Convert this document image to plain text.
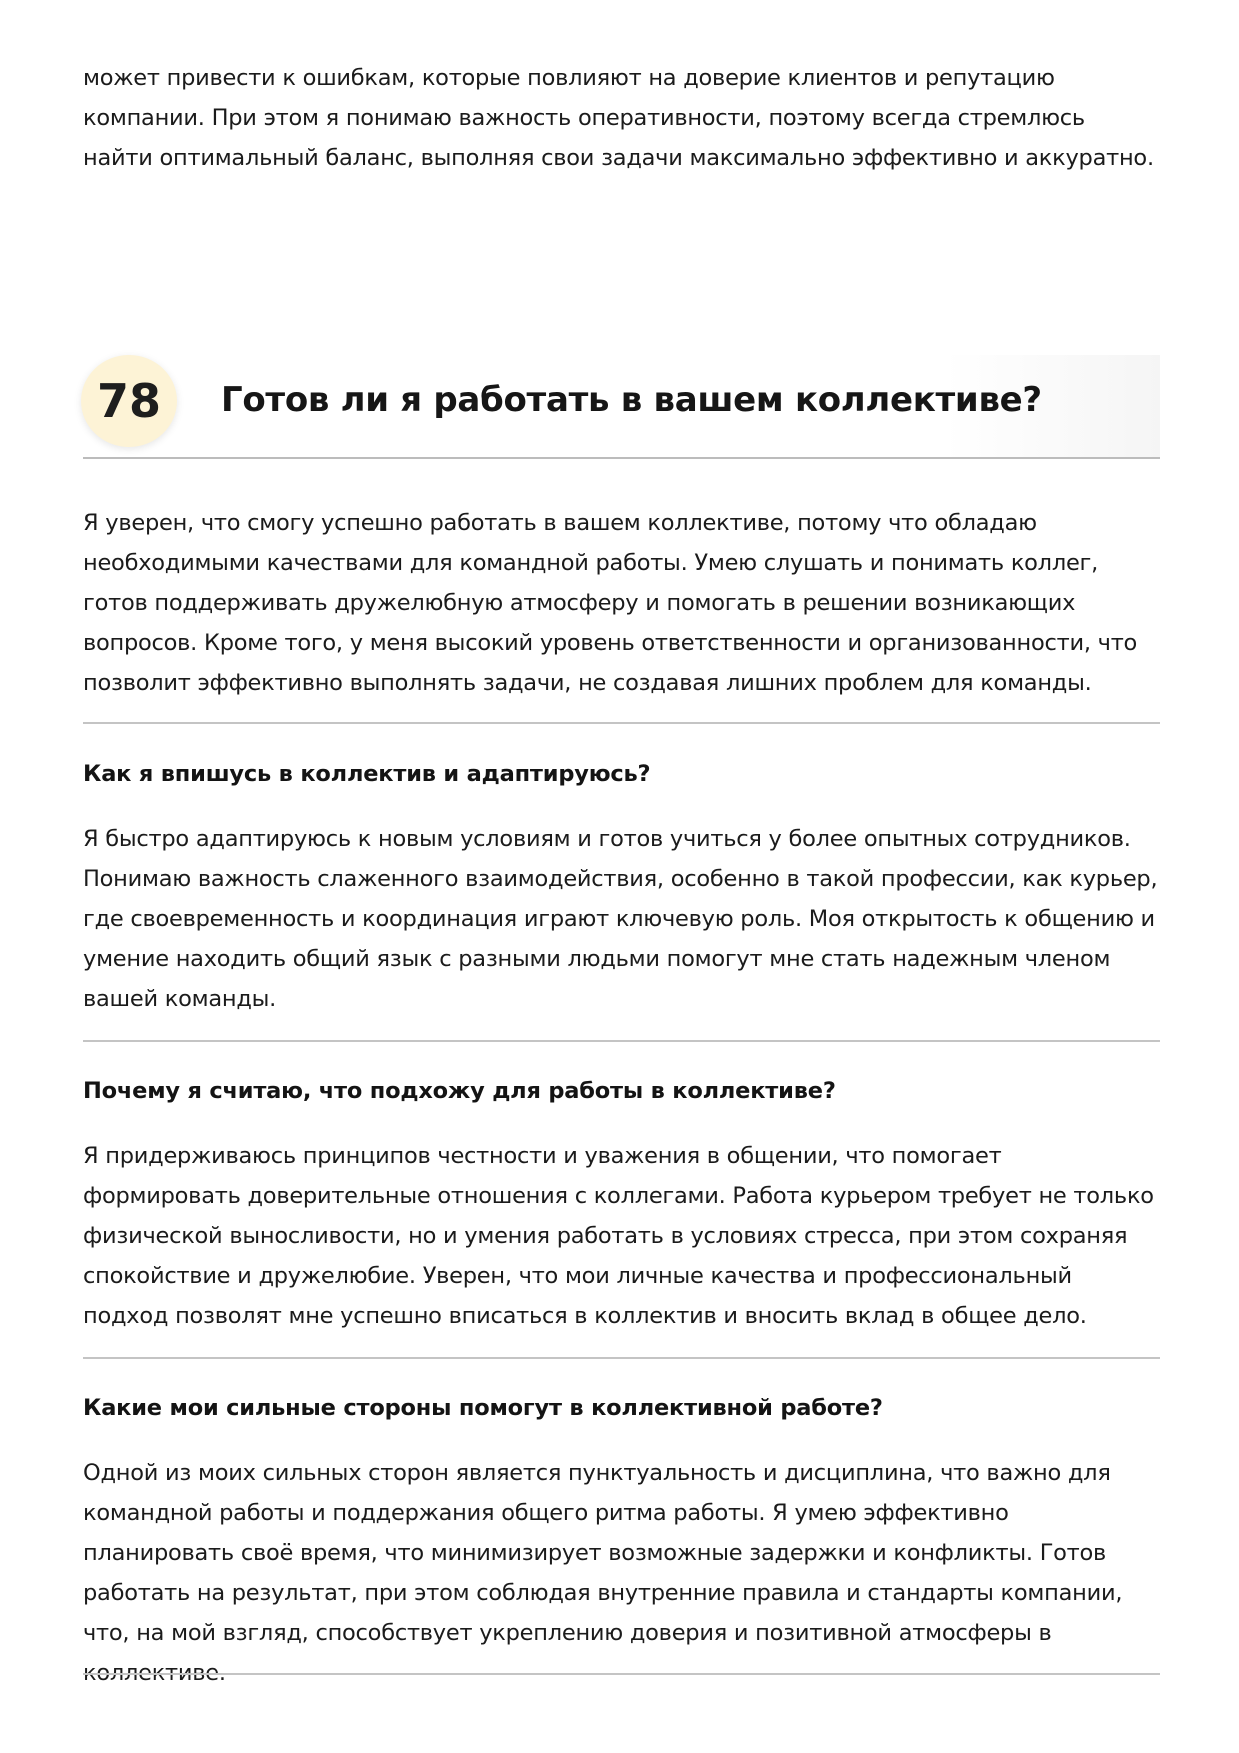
может привести к ошибкам, которые повлияют на доверие клиентов и репутацию компании. При этом я понимаю важность оперативности, поэтому всегда стремлюсь найти оптимальный баланс, выполняя свои задачи максимально эффективно и аккуратно.

78	Готов ли я работать в вашем коллективе?

Я уверен, что смогу успешно работать в вашем коллективе, потому что обладаю необходимыми качествами для командной работы. Умею слушать и понимать коллег, готов поддерживать дружелюбную атмосферу и помогать в решении возникающих вопросов. Кроме того, у меня высокий уровень ответственности и организованности, что позволит эффективно выполнять задачи, не создавая лишних проблем для команды.

Как я впишусь в коллектив и адаптируюсь?

Я быстро адаптируюсь к новым условиям и готов учиться у более опытных сотрудников. Понимаю важность слаженного взаимодействия, особенно в такой профессии, как курьер, где своевременность и координация играют ключевую роль. Моя открытость к общению и умение находить общий язык с разными людьми помогут мне стать надежным членом вашей команды.

Почему я считаю, что подхожу для работы в коллективе?

Я придерживаюсь принципов честности и уважения в общении, что помогает формировать доверительные отношения с коллегами. Работа курьером требует не только физической выносливости, но и умения работать в условиях стресса, при этом сохраняя спокойствие и дружелюбие. Уверен, что мои личные качества и профессиональный подход позволят мне успешно вписаться в коллектив и вносить вклад в общее дело.

Какие мои сильные стороны помогут в коллективной работе?

Одной из моих сильных сторон является пунктуальность и дисциплина, что важно для командной работы и поддержания общего ритма работы. Я умею эффективно планировать своё время, что минимизирует возможные задержки и конфликты. Готов работать на результат, при этом соблюдая внутренние правила и стандарты компании, что, на мой взгляд, способствует укреплению доверия и позитивной атмосферы в коллективе.
